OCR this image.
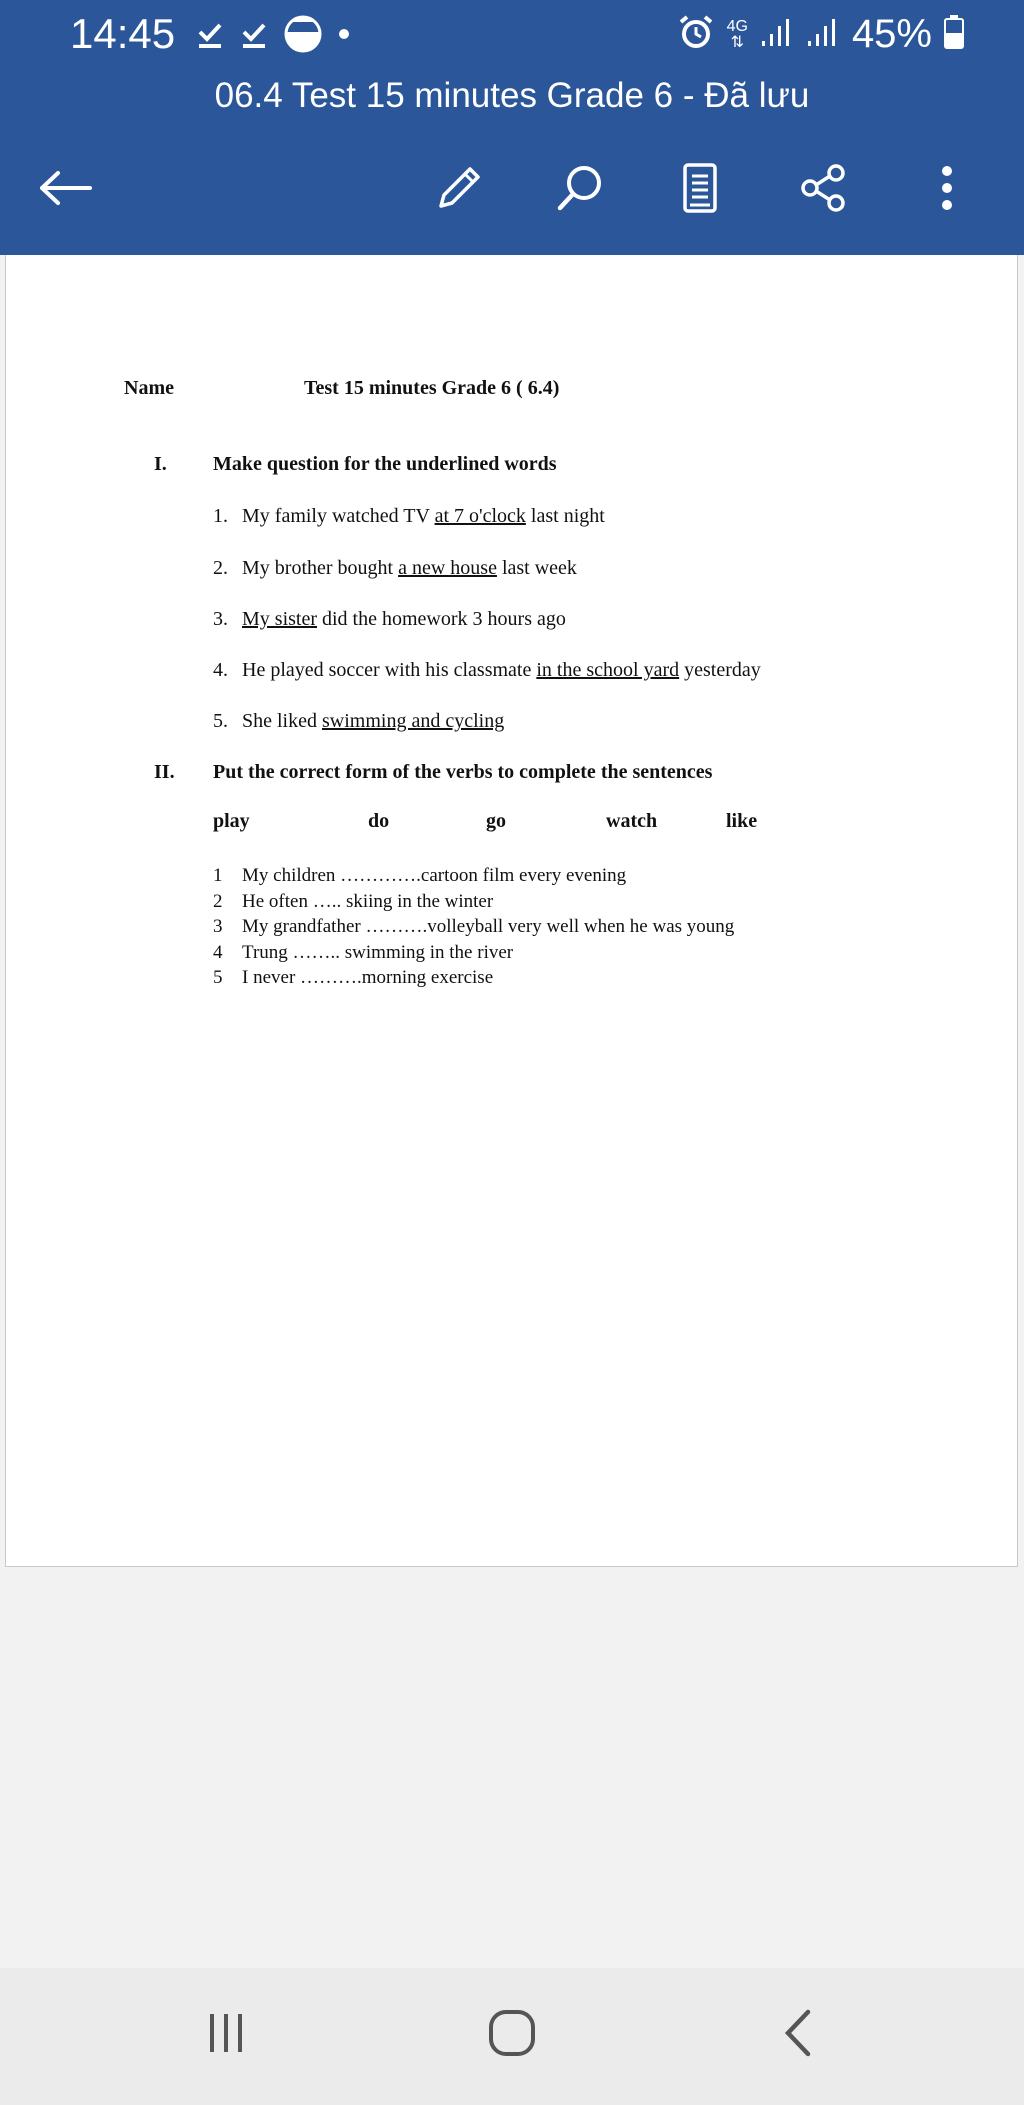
14:45	4G
⇅	45%
06.4 Test 15 minutes Grade 6 - Đã lưu
Name	Test 15 minutes Grade 6 ( 6.4)
I. Make question for the underlined words
1. My family watched TV at 7 o'clock last night
2. My brother bought a new house last week
3. My sister did the homework 3 hours ago
4. He played soccer with his classmate in the school yard yesterday
5. She liked swimming and cycling
II. Put the correct form of the verbs to complete the sentences
play	do	go	watch	like
1 My children ………….cartoon film every evening
2 He often ….. skiing in the winter
3 My grandfather ……….volleyball very well when he was young
4 Trung …….. swimming in the river
5 I never ……….morning exercise
